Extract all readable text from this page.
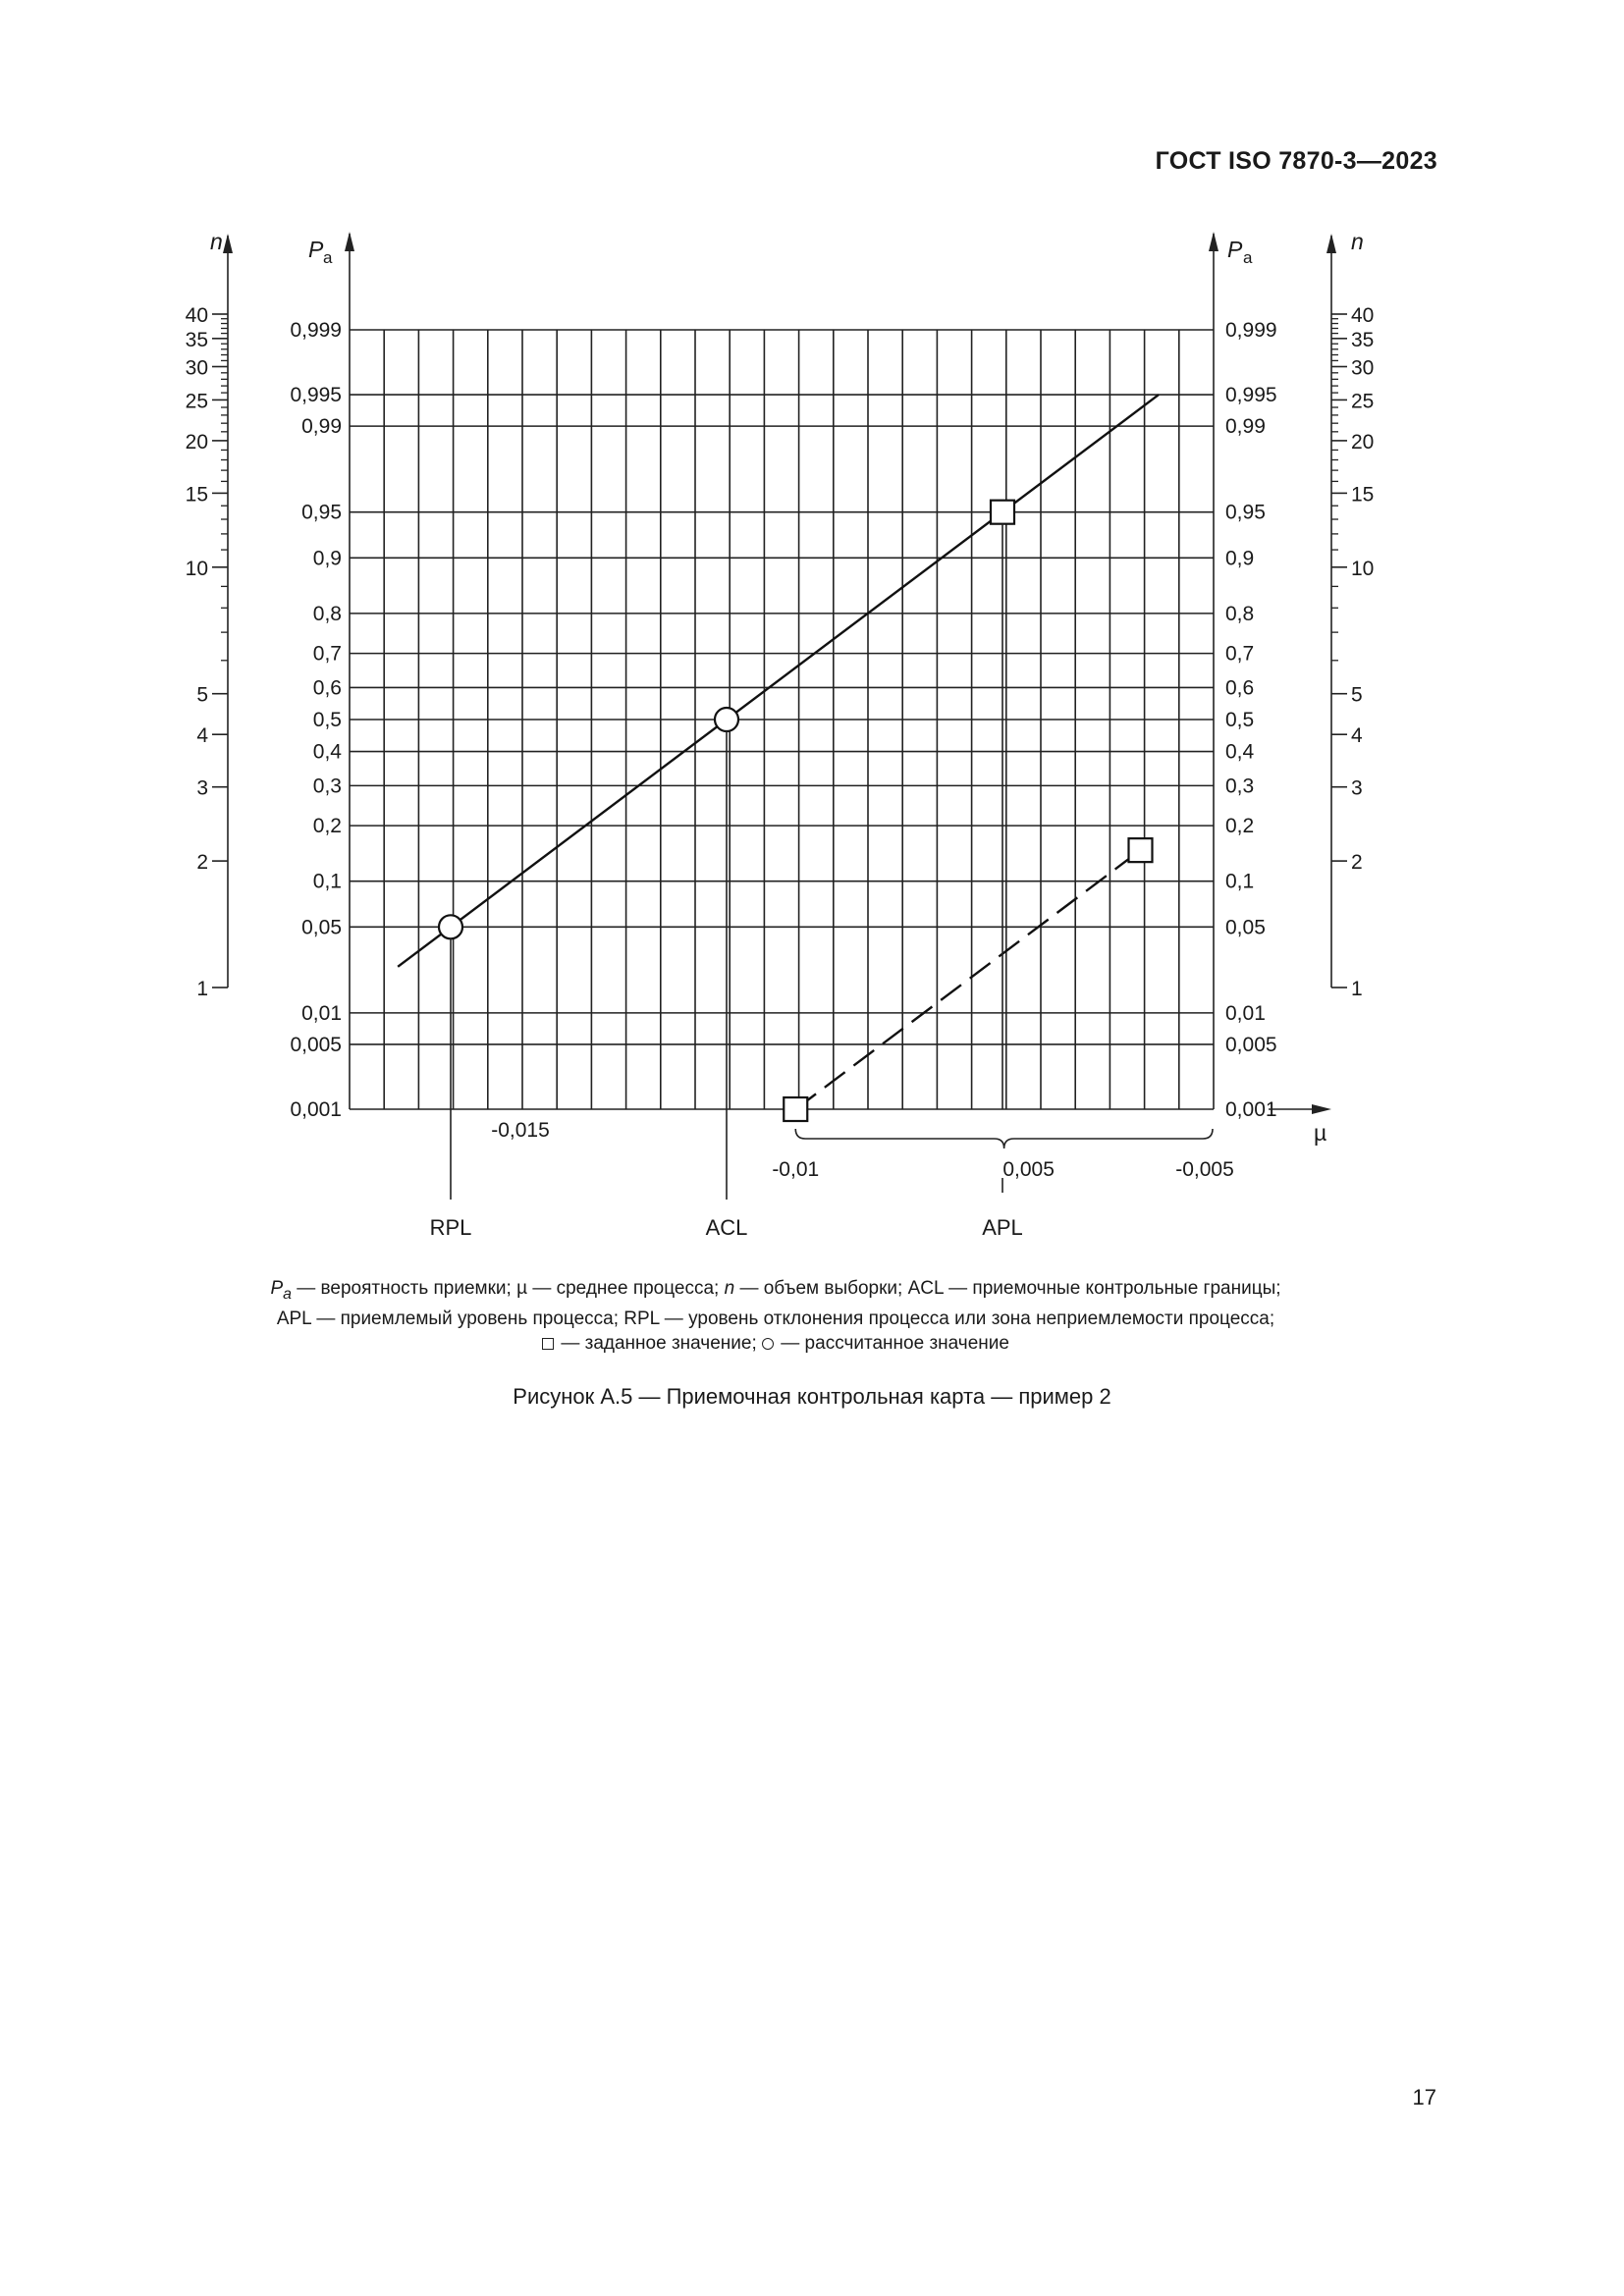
ГОСТ ISO 7870-3—2023
0,999	0,999
0,995	0,995
0,99	0,99
0,95	0,95
0,9	0,9
0,8	0,8
0,7	0,7
0,6	0,6
0,5	0,5
0,4	0,4
0,3	0,3
0,2	0,2
0,1	0,1
0,05	0,05
0,01	0,01
0,005	0,005
0,001	0,001
P a	P a
40
35
30
25
20
15
10
5
4
3
2
1
40
35
30
25
20
15
10
5
4
3
2
1
n	n
µ
-0,015
-0,01	0,005	-0,005
RPL	ACL	APL

$P_a$ — вероятность приемки; µ — среднее процесса; n — объем выборки; ACL — приемочные контрольные границы;

APL — приемлемый уровень процесса; RPL — уровень отклонения процесса или зона неприемлемости процесса;

— заданное значение;  — рассчитанное значение

Рисунок А.5 — Приемочная контрольная карта — пример 2
17
